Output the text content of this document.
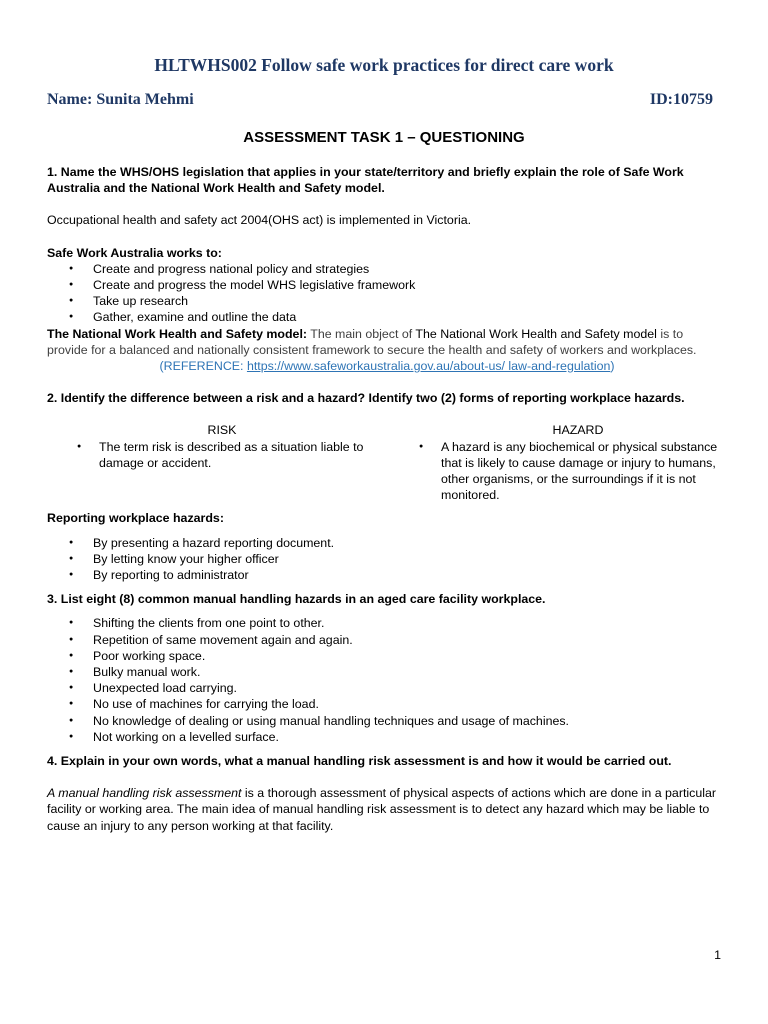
HLTWHS002 Follow safe work practices for direct care work
Name: Sunita Mehmi	ID:10759
ASSESSMENT TASK 1 – QUESTIONING

1. Name the WHS/OHS legislation that applies in your state/territory and briefly explain the role of Safe Work Australia and the National Work Health and Safety model.

Occupational health and safety act 2004(OHS act) is implemented in Victoria.

Safe Work Australia works to:

● Create and progress national policy and strategies
● Create and progress the model WHS legislative framework
● Take up research
● Gather, examine and outline the data

The National Work Health and Safety model: The main object of The National Work Health and Safety model is to provide for a balanced and nationally consistent framework to secure the health and safety of workers and workplaces.

(REFERENCE: https://www.safeworkaustralia.gov.au/about-us/ law-and-regulation)

2. Identify the difference between a risk and a hazard? Identify two (2) forms of reporting workplace hazards.

RISK
● The term risk is described as a situation liable to damage or accident.
HAZARD
● A hazard is any biochemical or physical substance that is likely to cause damage or injury to humans, other organisms, or the surroundings if it is not monitored.

Reporting workplace hazards:

● By presenting a hazard reporting document.
● By letting know your higher officer
● By reporting to administrator

3. List eight (8) common manual handling hazards in an aged care facility workplace.

● Shifting the clients from one point to other.
● Repetition of same movement again and again.
● Poor working space.
● Bulky manual work.
● Unexpected load carrying.
● No use of machines for carrying the load.
● No knowledge of dealing or using manual handling techniques and usage of machines.
● Not working on a levelled surface.

4. Explain in your own words, what a manual handling risk assessment is and how it would be carried out.

A manual handling risk assessment is a thorough assessment of physical aspects of actions which are done in a particular facility or working area. The main idea of manual handling risk assessment is to detect any hazard which may be liable to cause an injury to any person working at that facility.

1
